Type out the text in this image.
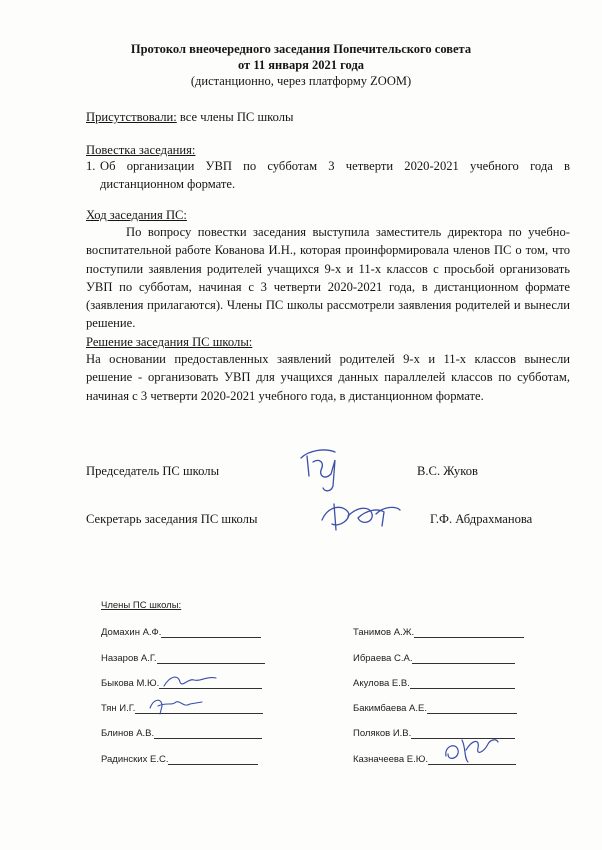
Протокол внеочередного заседания Попечительского совета
от 11 января 2021 года
(дистанционно, через платформу ZOOM)
Присутствовали: все члены ПС школы
Повестка заседания:
1. Об организации УВП по субботам 3 четверти 2020-2021 учебного года в дистанционном формате.
Ход заседания ПС:
По вопросу повестки заседания выступила заместитель директора по учебно-воспитательной работе Кованова И.Н., которая проинформировала членов ПС о том, что поступили заявления родителей учащихся 9-х и 11-х классов с просьбой организовать УВП по субботам, начиная с 3 четверти 2020-2021 года, в дистанционном формате (заявления прилагаются). Члены ПС школы рассмотрели заявления родителей и вынесли решение.
Решение заседания ПС школы:
На основании предоставленных заявлений родителей 9-х и 11-х классов вынесли решение - организовать УВП для учащихся данных параллелей классов по субботам, начиная с 3 четверти 2020-2021 учебного года, в дистанционном формате.
Председатель ПС школы	В.С. Жуков
Секретарь заседания ПС школы	Г.Ф. Абдрахманова
Члены ПС школы:
Домахин А.Ф.
Назаров А.Г.
Быкова М.Ю.
Тян И.Г.
Блинов А.В.
Радинских Е.С.
Танимов А.Ж.
Ибраева С.А.
Акулова Е.В.
Бакимбаева А.Е.
Поляков И.В.
Казначеева Е.Ю.
